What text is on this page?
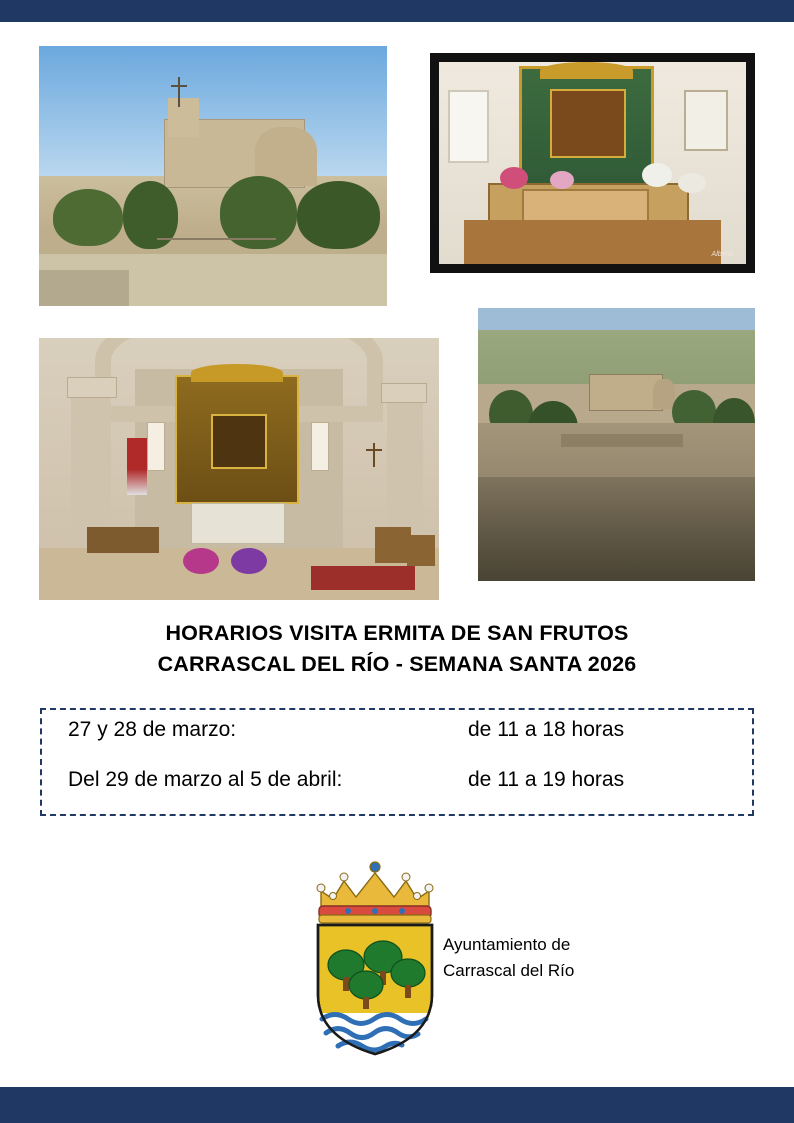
Alberto
HORARIOS VISITA ERMITA DE SAN FRUTOS
CARRASCAL DEL RÍO - SEMANA SANTA 2026
27 y 28 de marzo:	de 11 a 18 horas
Del 29 de marzo al 5 de abril:	de 11 a 19 horas
Ayuntamiento de
Carrascal del Río
